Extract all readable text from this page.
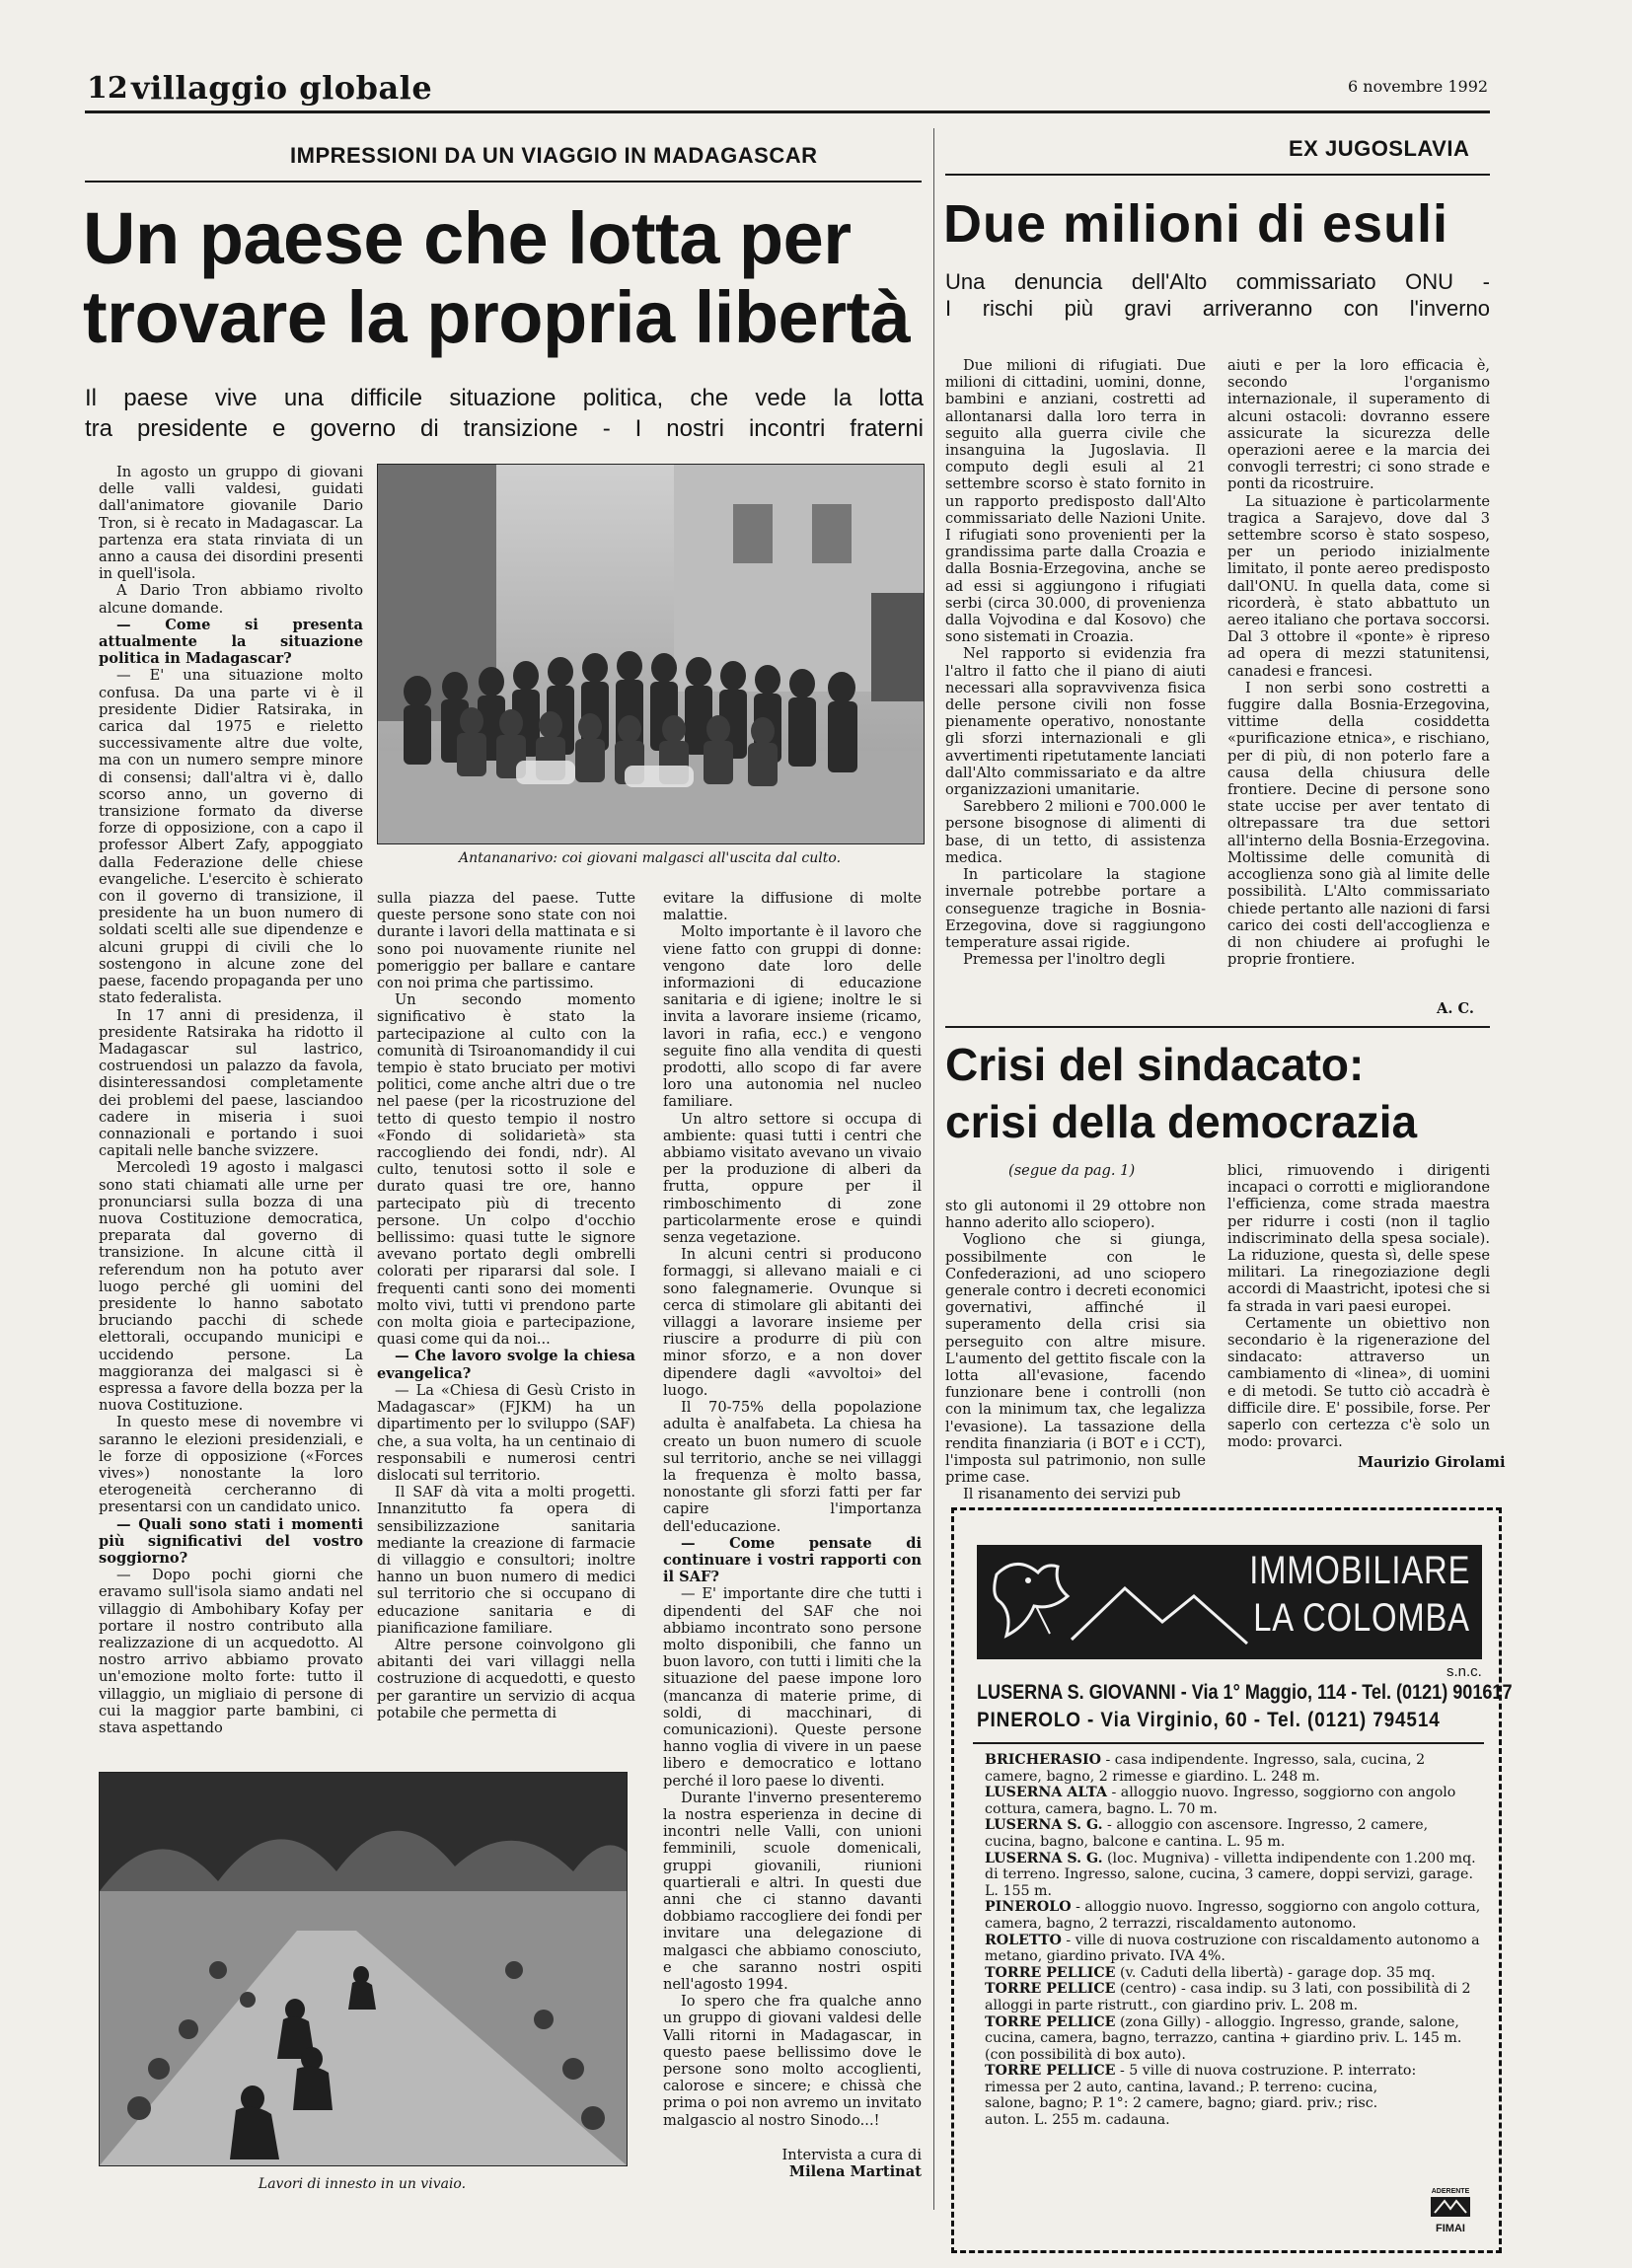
12 villaggio globale	6 novembre 1992
IMPRESSIONI DA UN VIAGGIO IN MADAGASCAR
Un paese che lotta per
trovare la propria libertà
Il paese vive una difficile situazione politica, che vede la lotta
tra presidente e governo di transizione - I nostri incontri fraterni

In agosto un gruppo di giovani delle valli valdesi, guidati dall'animatore giovanile Dario Tron, si è recato in Madagascar. La partenza era stata rinviata di un anno a causa dei disordini presenti in quell'isola.

A Dario Tron abbiamo rivolto alcune domande.

— Come si presenta attualmente la situazione politica in Madagascar?

— E' una situazione molto confusa. Da una parte vi è il presidente Didier Ratsiraka, in carica dal 1975 e rieletto successivamente altre due volte, ma con un numero sempre minore di consensi; dall'altra vi è, dallo scorso anno, un governo di transizione formato da diverse forze di opposizione, con a capo il professor Albert Zafy, appoggiato dalla Federazione delle chiese evangeliche. L'esercito è schierato con il governo di transizione, il presidente ha un buon numero di soldati scelti alle sue dipendenze e alcuni gruppi di civili che lo sostengono in alcune zone del paese, facendo propaganda per uno stato federalista.

In 17 anni di presidenza, il presidente Ratsiraka ha ridotto il Madagascar sul lastrico, costruendosi un palazzo da favola, disinteressandosi completamente dei problemi del paese, lasciandoo cadere in miseria i suoi connazionali e portando i suoi capitali nelle banche svizzere.

Mercoledì 19 agosto i malgasci sono stati chiamati alle urne per pronunciarsi sulla bozza di una nuova Costituzione democratica, preparata dal governo di transizione. In alcune città il referendum non ha potuto aver luogo perché gli uomini del presidente lo hanno sabotato bruciando pacchi di schede elettorali, occupando municipi e uccidendo persone. La maggioranza dei malgasci si è espressa a favore della bozza per la nuova Costituzione.

In questo mese di novembre vi saranno le elezioni presidenziali, e le forze di opposizione («Forces vives») nonostante la loro eterogeneità cercheranno di presentarsi con un candidato unico.

— Quali sono stati i momenti più significativi del vostro soggiorno?

— Dopo pochi giorni che eravamo sull'isola siamo andati nel villaggio di Ambohibary Kofay per portare il nostro contributo alla realizzazione di un acquedotto. Al nostro arrivo abbiamo provato un'emozione molto forte: tutto il villaggio, un migliaio di persone di cui la maggior parte bambini, ci stava aspettando

Antananarivo: coi giovani malgasci all'uscita dal culto.

sulla piazza del paese. Tutte queste persone sono state con noi durante i lavori della mattinata e si sono poi nuovamente riunite nel pomeriggio per ballare e cantare con noi prima che partissimo.

Un secondo momento significativo è stato la partecipazione al culto con la comunità di Tsiroanomandidy il cui tempio è stato bruciato per motivi politici, come anche altri due o tre nel paese (per la ricostruzione del tetto di questo tempio il nostro «Fondo di solidarietà» sta raccogliendo dei fondi, ndr). Al culto, tenutosi sotto il sole e durato quasi tre ore, hanno partecipato più di trecento persone. Un colpo d'occhio bellissimo: quasi tutte le signore avevano portato degli ombrelli colorati per ripararsi dal sole. I frequenti canti sono dei momenti molto vivi, tutti vi prendono parte con molta gioia e partecipazione, quasi come qui da noi...

— Che lavoro svolge la chiesa evangelica?

— La «Chiesa di Gesù Cristo in Madagascar» (FJKM) ha un dipartimento per lo sviluppo (SAF) che, a sua volta, ha un centinaio di responsabili e numerosi centri dislocati sul territorio.

Il SAF dà vita a molti progetti. Innanzitutto fa opera di sensibilizzazione sanitaria mediante la creazione di farmacie di villaggio e consultori; inoltre hanno un buon numero di medici sul territorio che si occupano di educazione sanitaria e di pianificazione familiare.

Altre persone coinvolgono gli abitanti dei vari villaggi nella costruzione di acquedotti, e questo per garantire un servizio di acqua potabile che permetta di

evitare la diffusione di molte malattie.

Molto importante è il lavoro che viene fatto con gruppi di donne: vengono date loro delle informazioni di educazione sanitaria e di igiene; inoltre le si invita a lavorare insieme (ricamo, lavori in rafia, ecc.) e vengono seguite fino alla vendita di questi prodotti, allo scopo di far avere loro una autonomia nel nucleo familiare.

Un altro settore si occupa di ambiente: quasi tutti i centri che abbiamo visitato avevano un vivaio per la produzione di alberi da frutta, oppure per il rimboschimento di zone particolarmente erose e quindi senza vegetazione.

In alcuni centri si producono formaggi, si allevano maiali e ci sono falegnamerie. Ovunque si cerca di stimolare gli abitanti dei villaggi a lavorare insieme per riuscire a produrre di più con minor sforzo, e a non dover dipendere dagli «avvoltoi» del luogo.

Il 70-75% della popolazione adulta è analfabeta. La chiesa ha creato un buon numero di scuole sul territorio, anche se nei villaggi la frequenza è molto bassa, nonostante gli sforzi fatti per far capire l'importanza dell'educazione.

— Come pensate di continuare i vostri rapporti con il SAF?

— E' importante dire che tutti i dipendenti del SAF che noi abbiamo incontrato sono persone molto disponibili, che fanno un buon lavoro, con tutti i limiti che la situazione del paese impone loro (mancanza di materie prime, di soldi, di macchinari, di comunicazioni). Queste persone hanno voglia di vivere in un paese libero e democratico e lottano perché il loro paese lo diventi.

Durante l'inverno presenteremo la nostra esperienza in decine di incontri nelle Valli, con unioni femminili, scuole domenicali, gruppi giovanili, riunioni quartierali e altri. In questi due anni che ci stanno davanti dobbiamo raccogliere dei fondi per invitare una delegazione di malgasci che abbiamo conosciuto, e che saranno nostri ospiti nell'agosto 1994.

Io spero che fra qualche anno un gruppo di giovani valdesi delle Valli ritorni in Madagascar, in questo paese bellissimo dove le persone sono molto accoglienti, calorose e sincere; e chissà che prima o poi non avremo un invitato malgascio al nostro Sinodo...!

Lavori di innesto in un vivaio.
Intervista a cura di
Milena Martinat
EX JUGOSLAVIA
Due milioni di esuli
Una denuncia dell'Alto commissariato ONU -
I rischi più gravi arriveranno con l'inverno

Due milioni di rifugiati. Due milioni di cittadini, uomini, donne, bambini e anziani, costretti ad allontanarsi dalla loro terra in seguito alla guerra civile che insanguina la Jugoslavia. Il computo degli esuli al 21 settembre scorso è stato fornito in un rapporto predisposto dall'Alto commissariato delle Nazioni Unite. I rifugiati sono provenienti per la grandissima parte dalla Croazia e dalla Bosnia-Erzegovina, anche se ad essi si aggiungono i rifugiati serbi (circa 30.000, di provenienza dalla Vojvodina e dal Kosovo) che sono sistemati in Croazia.

Nel rapporto si evidenzia fra l'altro il fatto che il piano di aiuti necessari alla sopravvivenza fisica delle persone civili non fosse pienamente operativo, nonostante gli sforzi internazionali e gli avvertimenti ripetutamente lanciati dall'Alto commissariato e da altre organizzazioni umanitarie.

Sarebbero 2 milioni e 700.000 le persone bisognose di alimenti di base, di un tetto, di assistenza medica.

In particolare la stagione invernale potrebbe portare a conseguenze tragiche in Bosnia-Erzegovina, dove si raggiungono temperature assai rigide.

Premessa per l'inoltro degli

aiuti e per la loro efficacia è, secondo l'organismo internazionale, il superamento di alcuni ostacoli: dovranno essere assicurate la sicurezza delle operazioni aeree e la marcia dei convogli terrestri; ci sono strade e ponti da ricostruire.

La situazione è particolarmente tragica a Sarajevo, dove dal 3 settembre scorso è stato sospeso, per un periodo inizialmente limitato, il ponte aereo predisposto dall'ONU. In quella data, come si ricorderà, è stato abbattuto un aereo italiano che portava soccorsi. Dal 3 ottobre il «ponte» è ripreso ad opera di mezzi statunitensi, canadesi e francesi.

I non serbi sono costretti a fuggire dalla Bosnia-Erzegovina, vittime della cosiddetta «purificazione etnica», e rischiano, per di più, di non poterlo fare a causa della chiusura delle frontiere. Decine di persone sono state uccise per aver tentato di oltrepassare tra due settori all'interno della Bosnia-Erzegovina. Moltissime delle comunità di accoglienza sono già al limite delle possibilità. L'Alto commissariato chiede pertanto alle nazioni di farsi carico dei costi dell'accoglienza e di non chiudere ai profughi le proprie frontiere.

A. C.
Crisi del sindacato:
crisi della democrazia
(segue da pag. 1)

sto gli autonomi il 29 ottobre non hanno aderito allo sciopero).

Vogliono che si giunga, possibilmente con le Confederazioni, ad uno sciopero generale contro i decreti economici governativi, affinché il superamento della crisi sia perseguito con altre misure. L'aumento del gettito fiscale con la lotta all'evasione, facendo funzionare bene i controlli (non con la minimum tax, che legalizza l'evasione). La tassazione della rendita finanziaria (i BOT e i CCT), l'imposta sul patrimonio, non sulle prime case.

Il risanamento dei servizi pub

blici, rimuovendo i dirigenti incapaci o corrotti e migliorandone l'efficienza, come strada maestra per ridurre i costi (non il taglio indiscriminato della spesa sociale). La riduzione, questa sì, delle spese militari. La rinegoziazione degli accordi di Maastricht, ipotesi che si fa strada in vari paesi europei.

Certamente un obiettivo non secondario è la rigenerazione del sindacato: attraverso un cambiamento di «linea», di uomini e di metodi. Se tutto ciò accadrà è difficile dire. E' possibile, forse. Per saperlo con certezza c'è solo un modo: provarci.

Maurizio Girolami
IMMOBILIARE
LA COLOMBA
s.n.c.
LUSERNA S. GIOVANNI - Via 1° Maggio, 114 - Tel. (0121) 901617
PINEROLO - Via Virginio, 60 - Tel. (0121) 794514

BRICHERASIO - casa indipendente. Ingresso, sala, cucina, 2 camere, bagno, 2 rimesse e giardino. L. 248 m.

LUSERNA ALTA - alloggio nuovo. Ingresso, soggiorno con angolo cottura, camera, bagno. L. 70 m.

LUSERNA S. G. - alloggio con ascensore. Ingresso, 2 camere, cucina, bagno, balcone e cantina. L. 95 m.

LUSERNA S. G. (loc. Mugniva) - villetta indipendente con 1.200 mq. di terreno. Ingresso, salone, cucina, 3 camere, doppi servizi, garage. L. 155 m.

PINEROLO - alloggio nuovo. Ingresso, soggiorno con angolo cottura, camera, bagno, 2 terrazzi, riscaldamento autonomo.

ROLETTO - ville di nuova costruzione con riscaldamento autonomo a metano, giardino privato. IVA 4%.

TORRE PELLICE (v. Caduti della libertà) - garage dop. 35 mq.

TORRE PELLICE (centro) - casa indip. su 3 lati, con possibilità di 2 alloggi in parte ristrutt., con giardino priv. L. 208 m.

TORRE PELLICE (zona Gilly) - alloggio. Ingresso, grande, salone, cucina, camera, bagno, terrazzo, cantina + giardino priv. L. 145 m. (con possibilità di box auto).

TORRE PELLICE - 5 ville di nuova costruzione. P. interrato: rimessa per 2 auto, cantina, lavand.; P. terreno: cucina, salone, bagno; P. 1°: 2 camere, bagno; giard. priv.; risc. auton. L. 255 m. cadauna.

ADERENTE
FIMAI
